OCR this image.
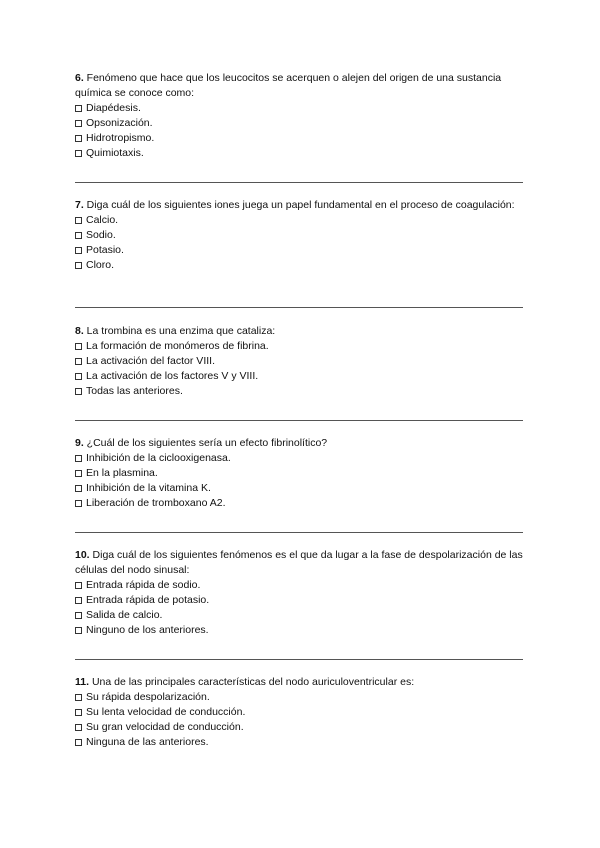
6. Fenómeno que hace que los leucocitos se acerquen o alejen del origen de una sustancia química se conoce como:

Diapédesis.
Opsonización.
Hidrotropismo.
Quimiotaxis.

7. Diga cuál de los siguientes iones juega un papel fundamental en el proceso de coagulación:

Calcio.
Sodio.
Potasio.
Cloro.

8. La trombina es una enzima que cataliza:

La formación de monómeros de fibrina.
La activación del factor VIII.
La activación de los factores V y VIII.
Todas las anteriores.

9. ¿Cuál de los siguientes sería un efecto fibrinolítico?

Inhibición de la ciclooxigenasa.
En la plasmina.
Inhibición de la vitamina K.
Liberación de tromboxano A2.

10. Diga cuál de los siguientes fenómenos es el que da lugar a la fase de despolarización de las células del nodo sinusal:

Entrada rápida de sodio.
Entrada rápida de potasio.
Salida de calcio.
Ninguno de los anteriores.

11. Una de las principales características del nodo auriculoventricular es:

Su rápida despolarización.
Su lenta velocidad de conducción.
Su gran velocidad de conducción.
Ninguna de las anteriores.
